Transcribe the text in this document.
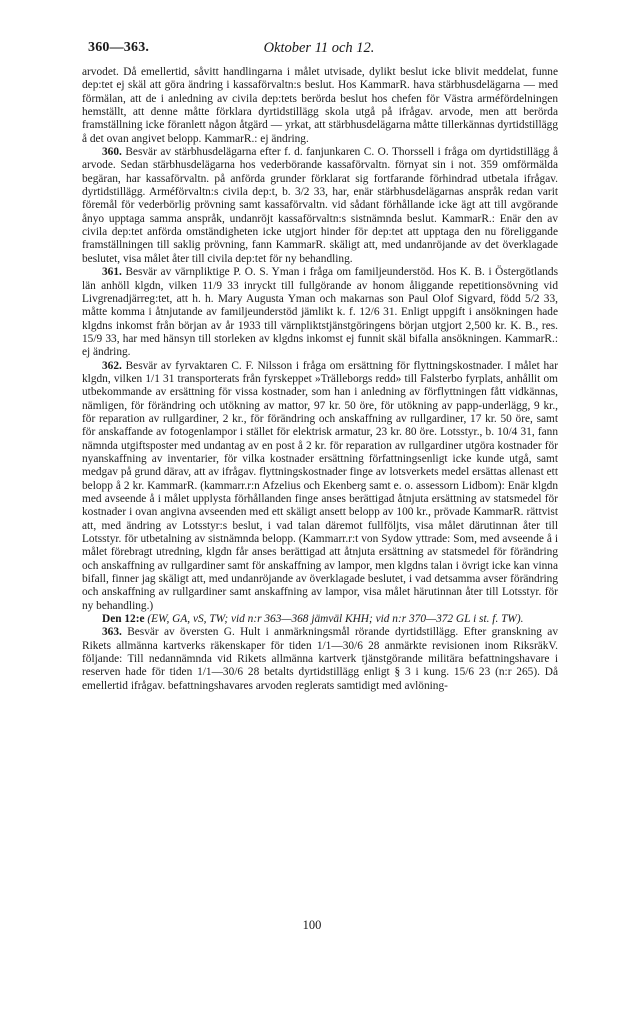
360—363.	Oktober 11 och 12.

arvodet. Då emellertid, såvitt handlingarna i målet utvisade, dylikt beslut icke blivit meddelat, funne dep:tet ej skäl att göra ändring i kassaförvaltn:s beslut. Hos KammarR. hava stärbhusdelägarna — med förmälan, att de i anledning av civila dep:tets berörda beslut hos chefen för Västra arméfördelningen hemställt, att denne måtte förklara dyrtidstillägg skola utgå på ifrågav. arvode, men att berörda framställning icke föranlett någon åtgärd — yrkat, att stärbhusdelägarna måtte tillerkännas dyrtidstillägg å det ovan angivet belopp. KammarR.: ej ändring.

360. Besvär av stärbhusdelägarna efter f. d. fanjunkaren C. O. Thorssell i fråga om dyrtidstillägg å arvode. Sedan stärbhusdelägarna hos vederbörande kassaförvaltn. förnyat sin i not. 359 omförmälda begäran, har kassaförvaltn. på anförda grunder förklarat sig fortfarande förhindrad utbetala ifrågav. dyrtidstillägg. Arméförvaltn:s civila dep:t, b. 3/2 33, har, enär stärbhusdelägarnas anspråk redan varit föremål för vederbörlig prövning samt kassaförvaltn. vid sådant förhållande icke ägt att till avgörande ånyo upptaga samma anspråk, undanröjt kassaförvaltn:s sistnämnda beslut. KammarR.: Enär den av civila dep:tet anförda omständigheten icke utgjort hinder för dep:tet att upptaga den nu föreliggande framställningen till saklig prövning, fann KammarR. skäligt att, med undanröjande av det överklagade beslutet, visa målet åter till civila dep:tet för ny behandling.

361. Besvär av värnpliktige P. O. S. Yman i fråga om familjeunderstöd. Hos K. B. i Östergötlands län anhöll klgdn, vilken 11/9 33 inryckt till fullgörande av honom åliggande repetitionsövning vid Livgrenadjärreg:tet, att h. h. Mary Augusta Yman och makarnas son Paul Olof Sigvard, född 5/2 33, måtte komma i åtnjutande av familjeunderstöd jämlikt k. f. 12/6 31. Enligt uppgift i ansökningen hade klgdns inkomst från början av år 1933 till värnpliktstjänstgöringens början utgjort 2,500 kr. K. B., res. 15/9 33, har med hänsyn till storleken av klgdns inkomst ej funnit skäl bifalla ansökningen. KammarR.: ej ändring.

362. Besvär av fyrvaktaren C. F. Nilsson i fråga om ersättning för flyttningskostnader. I målet har klgdn, vilken 1/1 31 transporterats från fyrskeppet »Trälleborgs redd» till Falsterbo fyrplats, anhållit om utbekommande av ersättning för vissa kostnader, som han i anledning av förflyttningen fått vidkännas, nämligen, för förändring och utökning av mattor, 97 kr. 50 öre, för utökning av papp-underlägg, 9 kr., för reparation av rullgardiner, 2 kr., för förändring och anskaffning av rullgardiner, 17 kr. 50 öre, samt för anskaffande av fotogenlampor i stället för elektrisk armatur, 23 kr. 80 öre. Lotsstyr., b. 10/4 31, fann nämnda utgiftsposter med undantag av en post å 2 kr. för reparation av rullgardiner utgöra kostnader för nyanskaffning av inventarier, för vilka kostnader ersättning författningsenligt icke kunde utgå, samt medgav på grund därav, att av ifrågav. flyttningskostnader finge av lotsverkets medel ersättas allenast ett belopp å 2 kr. KammarR. (kammarr.r:n Afzelius och Ekenberg samt e. o. assessorn Lidbom): Enär klgdn med avseende å i målet upplysta förhållanden finge anses berättigad åtnjuta ersättning av statsmedel för kostnader i ovan angivna avseenden med ett skäligt ansett belopp av 100 kr., prövade KammarR. rättvist att, med ändring av Lotsstyr:s beslut, i vad talan däremot fullföljts, visa målet därutinnan åter till Lotsstyr. för utbetalning av sistnämnda belopp. (Kammarr.r:t von Sydow yttrade: Som, med avseende å i målet förebragt utredning, klgdn får anses berättigad att åtnjuta ersättning av statsmedel för förändring och anskaffning av rullgardiner samt för anskaffning av lampor, men klgdns talan i övrigt icke kan vinna bifall, finner jag skäligt att, med undanröjande av överklagade beslutet, i vad detsamma avser förändring och anskaffning av rullgardiner samt anskaffning av lampor, visa målet härutinnan åter till Lotsstyr. för ny behandling.)

Den 12:e (EW, GA, vS, TW; vid n:r 363—368 jämväl KHH; vid n:r 370—372 GL i st. f. TW).

363. Besvär av översten G. Hult i anmärkningsmål rörande dyrtidstillägg. Efter granskning av Rikets allmänna kartverks räkenskaper för tiden 1/1—30/6 28 anmärkte revisionen inom RiksräkV. följande: Till nedannämnda vid Rikets allmänna kartverk tjänstgörande militära befattningshavare i reserven hade för tiden 1/1—30/6 28 betalts dyrtidstillägg enligt § 3 i kung. 15/6 23 (n:r 265). Då emellertid ifrågav. befattningshavares arvoden reglerats samtidigt med avlöning-

100
